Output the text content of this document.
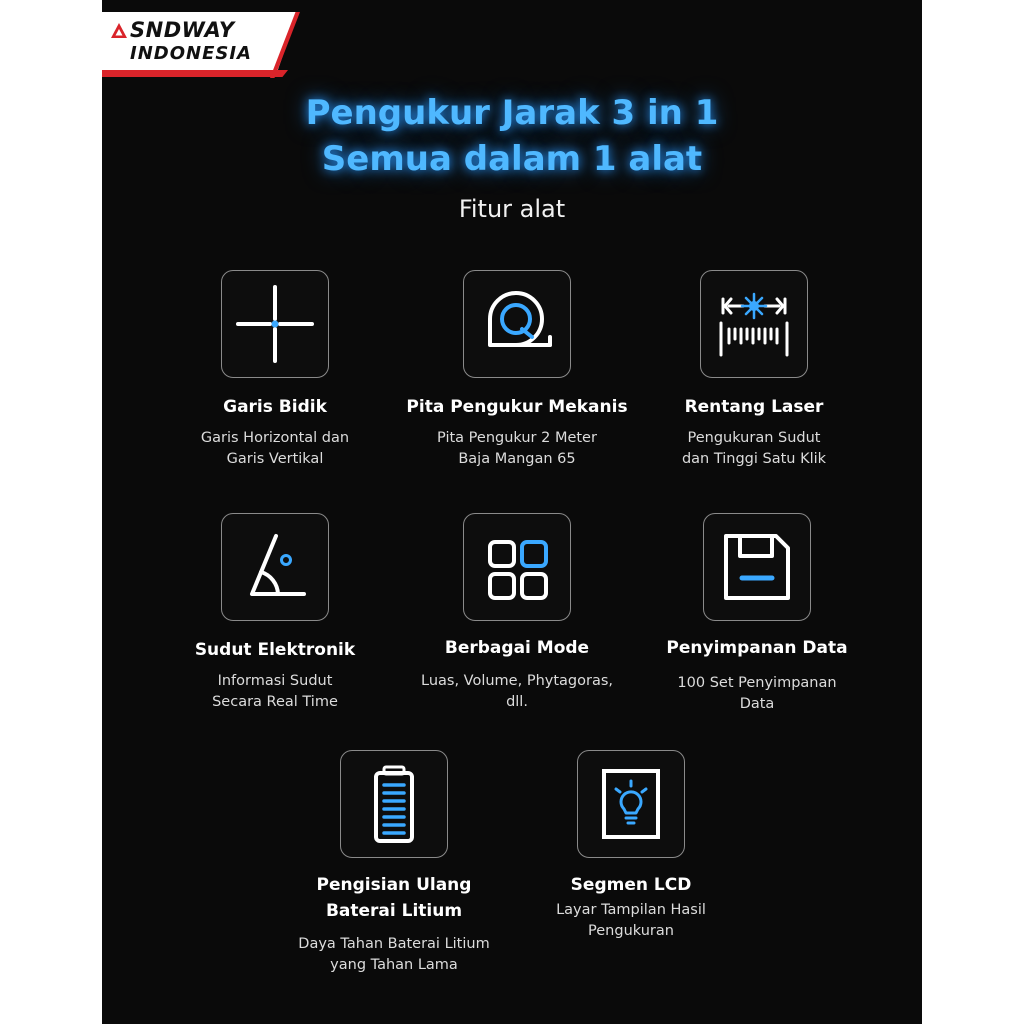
SNDWAY
INDONESIA
Pengukur Jarak 3 in 1
Semua dalam 1 alat
Fitur alat
Garis Bidik
Garis Horizontal dan
Garis Vertikal
Pita Pengukur Mekanis
Pita Pengukur 2 Meter
Baja Mangan 65
Rentang Laser
Pengukuran Sudut
dan Tinggi Satu Klik
Sudut Elektronik
Informasi Sudut
Secara Real Time
Berbagai Mode
Luas, Volume, Phytagoras,
dll.
Penyimpanan Data
100 Set Penyimpanan
Data
Pengisian Ulang
Baterai Litium
Daya Tahan Baterai Litium
yang Tahan Lama
Segmen LCD
Layar Tampilan Hasil
Pengukuran
